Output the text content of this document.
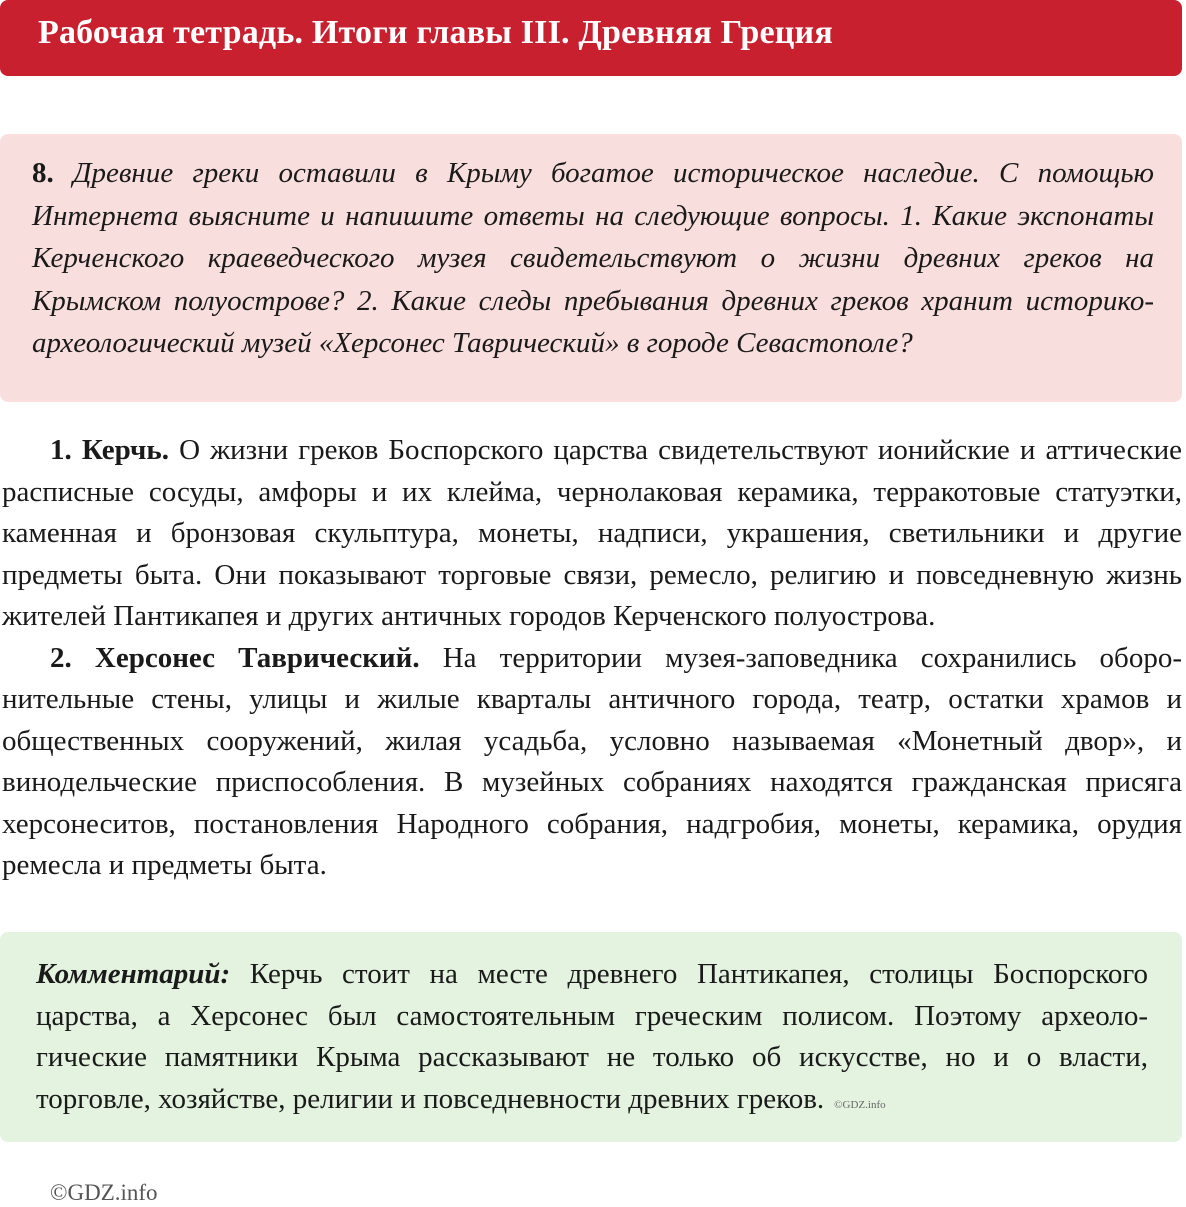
Рабочая тетрадь. Итоги главы III. Древняя Греция

8. Древние греки оставили в Крыму богатое историческое наследие. С помощью Интернета выясните и напишите ответы на следующие вопросы. 1. Какие экспонаты Керченского краеведческого музея свидетельствуют о жизни древних греков на Крымском полуострове? 2. Какие следы пребывания древних греков хранит историко-археологический музей «Херсонес Таврический» в городе Севастополе?

1. Керчь. О жизни греков Боспорского царства свидетельствуют ионийские и аттические расписные сосуды, амфоры и их клейма, чернолаковая керамика, терракотовые статуэтки, каменная и бронзовая скульптура, монеты, надписи, украшения, светильники и другие предметы быта. Они показывают торговые связи, ремесло, религию и повседневную жизнь жителей Пантикапея и других античных городов Керченского полуострова.

2. Херсонес Таврический. На территории музея-заповедника сохранились оборонительные стены, улицы и жилые кварталы античного города, театр, остатки храмов и общественных сооружений, жилая усадьба, условно называемая «Монетный двор», и винодельческие приспособления. В музейных собраниях находятся гражданская присяга херсонеситов, постановления Народного собрания, надгробия, монеты, керамика, орудия ремесла и предметы быта.

Комментарий: Керчь стоит на месте древнего Пантикапея, столицы Боспорского царства, а Херсонес был самостоятельным греческим полисом. Поэтому археологические памятники Крыма рассказывают не только об искусстве, но и о власти, торговле, хозяйстве, религии и повседневности древних греков. ©GDZ.info

©GDZ.info
